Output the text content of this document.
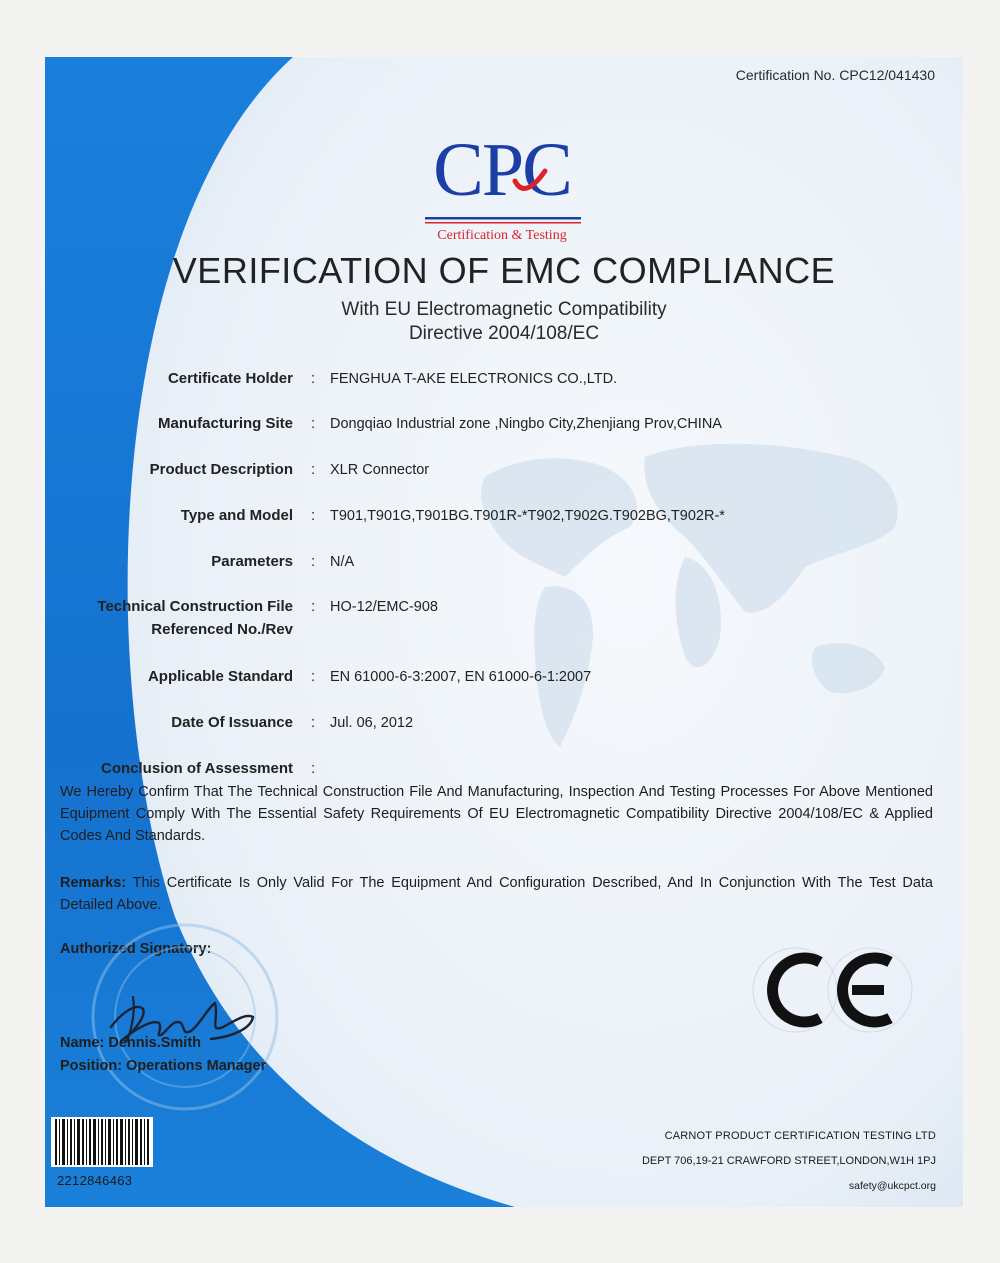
Certification No. CPC12/041430
CPC
Certification & Testing
VERIFICATION OF EMC COMPLIANCE
With EU Electromagnetic Compatibility
Directive 2004/108/EC
Certificate Holder : FENGHUA T-AKE ELECTRONICS CO.,LTD.
Manufacturing Site : Dongqiao Industrial zone ,Ningbo City,Zhenjiang Prov,CHINA
Product Description : XLR Connector
Type and Model : T901,T901G,T901BG.T901R-*T902,T902G.T902BG,T902R-*
Parameters : N/A
Technical Construction File
Referenced No./Rev
: HO-12/EMC-908
Applicable Standard : EN 61000-6-3:2007, EN 61000-6-1:2007
Date Of Issuance : Jul. 06, 2012
Conclusion of Assessment :
We Hereby Confirm That The Technical Construction File And Manufacturing, Inspection And Testing Processes For Above Mentioned Equipment Comply With The Essential Safety Requirements Of EU Electromagnetic Compatibility Directive 2004/108/EC & Applied Codes And Standards.
Remarks: This Certificate Is Only Valid For The Equipment And Configuration Described, And In Conjunction With The Test Data Detailed Above.
Authorized Signatory:
Name: Dennis.Smith
Position: Operations Manager
2212846463
CARNOT PRODUCT CERTIFICATION TESTING LTD
DEPT 706,19-21 CRAWFORD STREET,LONDON,W1H 1PJ
safety@ukcpct.org
